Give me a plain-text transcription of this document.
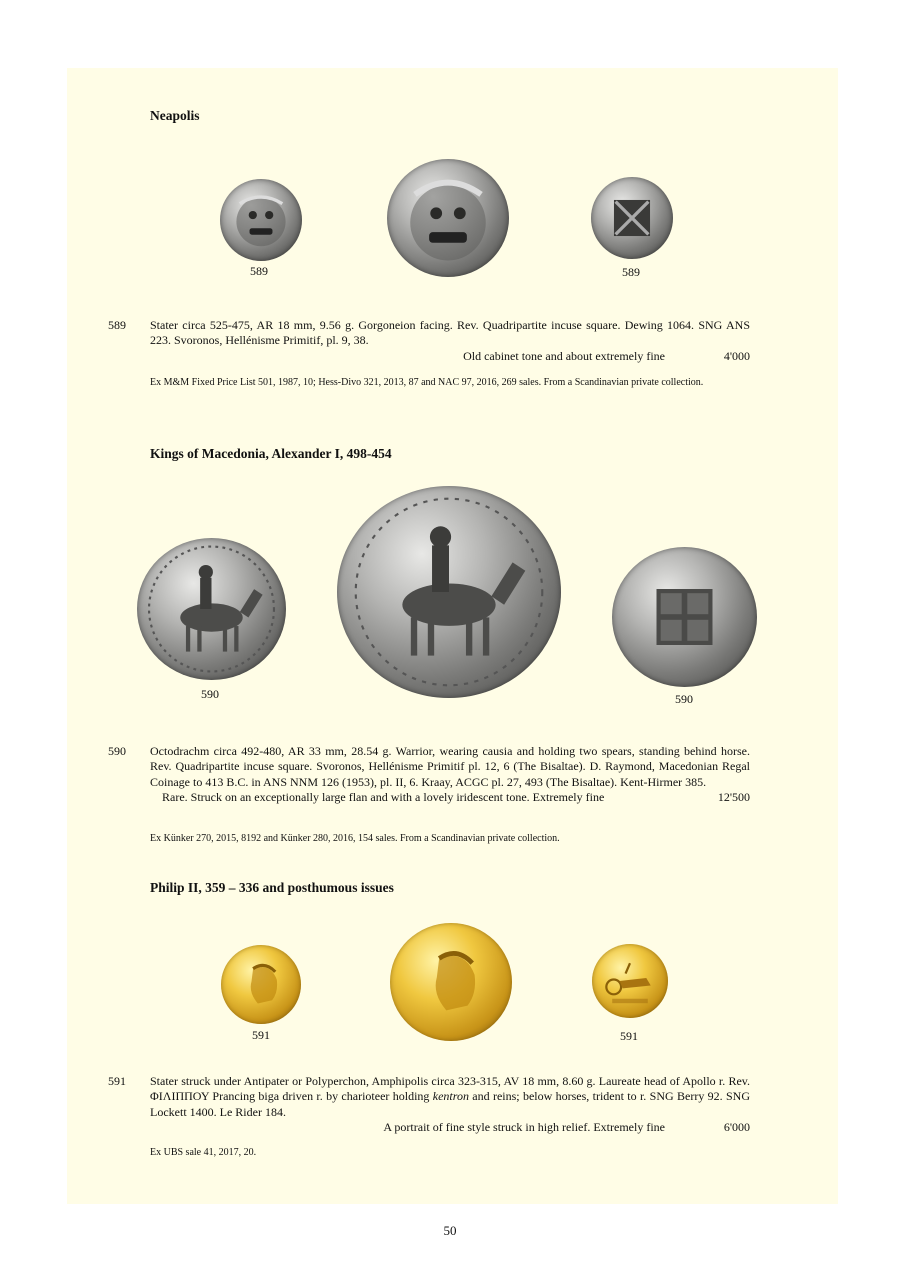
Neapolis
589	589
589 Stater circa 525-475, AR 18 mm, 9.56 g. Gorgoneion facing. Rev. Quadripartite incuse square. Dewing 1064. SNG ANS 223. Svoronos, Hellénisme Primitif, pl. 9, 38.

Old cabinet tone and about extremely fine	4'000
Ex M&M Fixed Price List 501, 1987, 10; Hess-Divo 321, 2013, 87 and NAC 97, 2016, 269 sales. From a Scandinavian private collection.
Kings of Macedonia, Alexander I, 498-454
590	590
590 Octodrachm circa 492-480, AR 33 mm, 28.54 g. Warrior, wearing causia and holding two spears, standing behind horse. Rev. Quadripartite incuse square. Svoronos, Hellénisme Primitif pl. 12, 6 (The Bisaltae). D. Raymond, Macedonian Regal Coinage to 413 B.C. in ANS NNM 126 (1953), pl. II, 6. Kraay, ACGC pl. 27, 493 (The Bisaltae). Kent-Hirmer 385.

Rare. Struck on an exceptionally large flan and with a lovely iridescent tone. Extremely fine	12'500
Ex Künker 270, 2015, 8192 and Künker 280, 2016, 154 sales. From a Scandinavian private collection.
Philip II, 359 – 336 and posthumous issues
591	591
591 Stater struck under Antipater or Polyperchon, Amphipolis circa 323-315, AV 18 mm, 8.60 g. Laureate head of Apollo r. Rev. ΦΙΛΙΠΠΟΥ Prancing biga driven r. by charioteer holding kentron and reins; below horses, trident to r. SNG Berry 92. SNG Lockett 1400. Le Rider 184.

A portrait of fine style struck in high relief. Extremely fine	6'000
Ex UBS sale 41, 2017, 20.
50
